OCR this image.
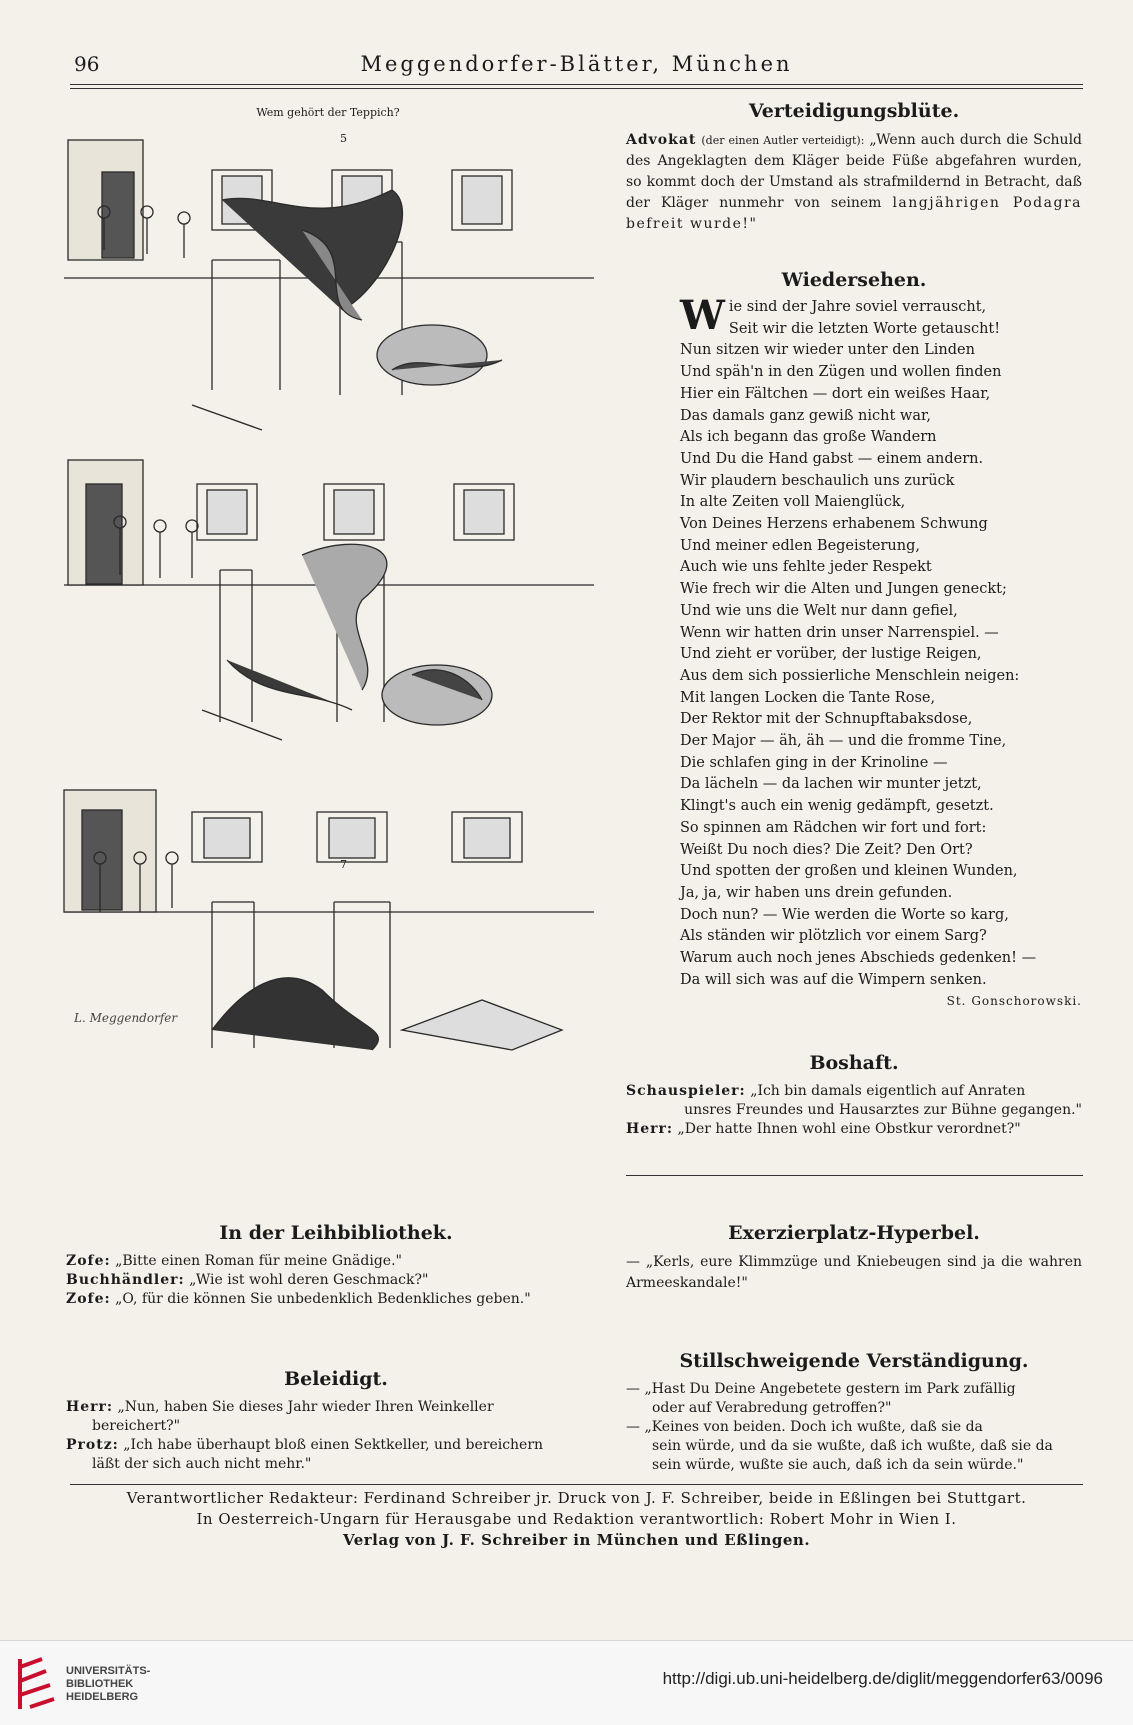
96	Meggendorfer-Blätter, München
Wem gehört der Teppich?
5
7
L. Meggendorfer
Verteidigungsblüte.

Advokat (der einen Autler verteidigt): „Wenn auch durch die Schuld des Angeklagten dem Kläger beide Füße abgefahren wurden, so kommt doch der Umstand als strafmildernd in Betracht, daß der Kläger nunmehr von seinem langjährigen Podagra befreit wurde!"

Wiedersehen.
Wie sind der Jahre soviel verrauscht,
Seit wir die letzten Worte getauscht!
Nun sitzen wir wieder unter den Linden
Und späh'n in den Zügen und wollen finden
Hier ein Fältchen — dort ein weißes Haar,
Das damals ganz gewiß nicht war,
Als ich begann das große Wandern
Und Du die Hand gabst — einem andern.
Wir plaudern beschaulich uns zurück
In alte Zeiten voll Maienglück,
Von Deines Herzens erhabenem Schwung
Und meiner edlen Begeisterung,
Auch wie uns fehlte jeder Respekt
Wie frech wir die Alten und Jungen geneckt;
Und wie uns die Welt nur dann gefiel,
Wenn wir hatten drin unser Narrenspiel. —
Und zieht er vorüber, der lustige Reigen,
Aus dem sich possierliche Menschlein neigen:
Mit langen Locken die Tante Rose,
Der Rektor mit der Schnupftabaksdose,
Der Major — äh, äh — und die fromme Tine,
Die schlafen ging in der Krinoline —
Da lächeln — da lachen wir munter jetzt,
Klingt's auch ein wenig gedämpft, gesetzt.
So spinnen am Rädchen wir fort und fort:
Weißt Du noch dies? Die Zeit? Den Ort?
Und spotten der großen und kleinen Wunden,
Ja, ja, wir haben uns drein gefunden.
Doch nun? — Wie werden die Worte so karg,
Als ständen wir plötzlich vor einem Sarg?
Warum auch noch jenes Abschieds gedenken! —
Da will sich was auf die Wimpern senken.
St. Gonschorowski.
Boshaft.
Schauspieler: „Ich bin damals eigentlich auf Anraten
unsres Freundes und Hausarztes zur Bühne gegangen."
Herr: „Der hatte Ihnen wohl eine Obstkur verordnet?"
In der Leihbibliothek.
Zofe: „Bitte einen Roman für meine Gnädige."
Buchhändler: „Wie ist wohl deren Geschmack?"
Zofe: „O, für die können Sie unbedenklich Bedenkliches geben."
Beleidigt.
Herr: „Nun, haben Sie dieses Jahr wieder Ihren Weinkeller
bereichert?"
Protz: „Ich habe überhaupt bloß einen Sektkeller, und bereichern
läßt der sich auch nicht mehr."
Exerzierplatz-Hyperbel.

— „Kerls, eure Klimmzüge und Kniebeugen sind ja die wahren Armeeskandale!"

Stillschweigende Verständigung.
— „Hast Du Deine Angebetete gestern im Park zufällig
oder auf Verabredung getroffen?"
— „Keines von beiden. Doch ich wußte, daß sie da
sein würde, und da sie wußte, daß ich wußte, daß sie da sein würde, wußte sie auch, daß ich da sein würde."
Verantwortlicher Redakteur: Ferdinand Schreiber jr. Druck von J. F. Schreiber, beide in Eßlingen bei Stuttgart.
In Oesterreich-Ungarn für Herausgabe und Redaktion verantwortlich: Robert Mohr in Wien I.
Verlag von J. F. Schreiber in München und Eßlingen.
UNIVERSITÄTS-
BIBLIOTHEK
HEIDELBERG
http://digi.ub.uni-heidelberg.de/diglit/meggendorfer63/0096
